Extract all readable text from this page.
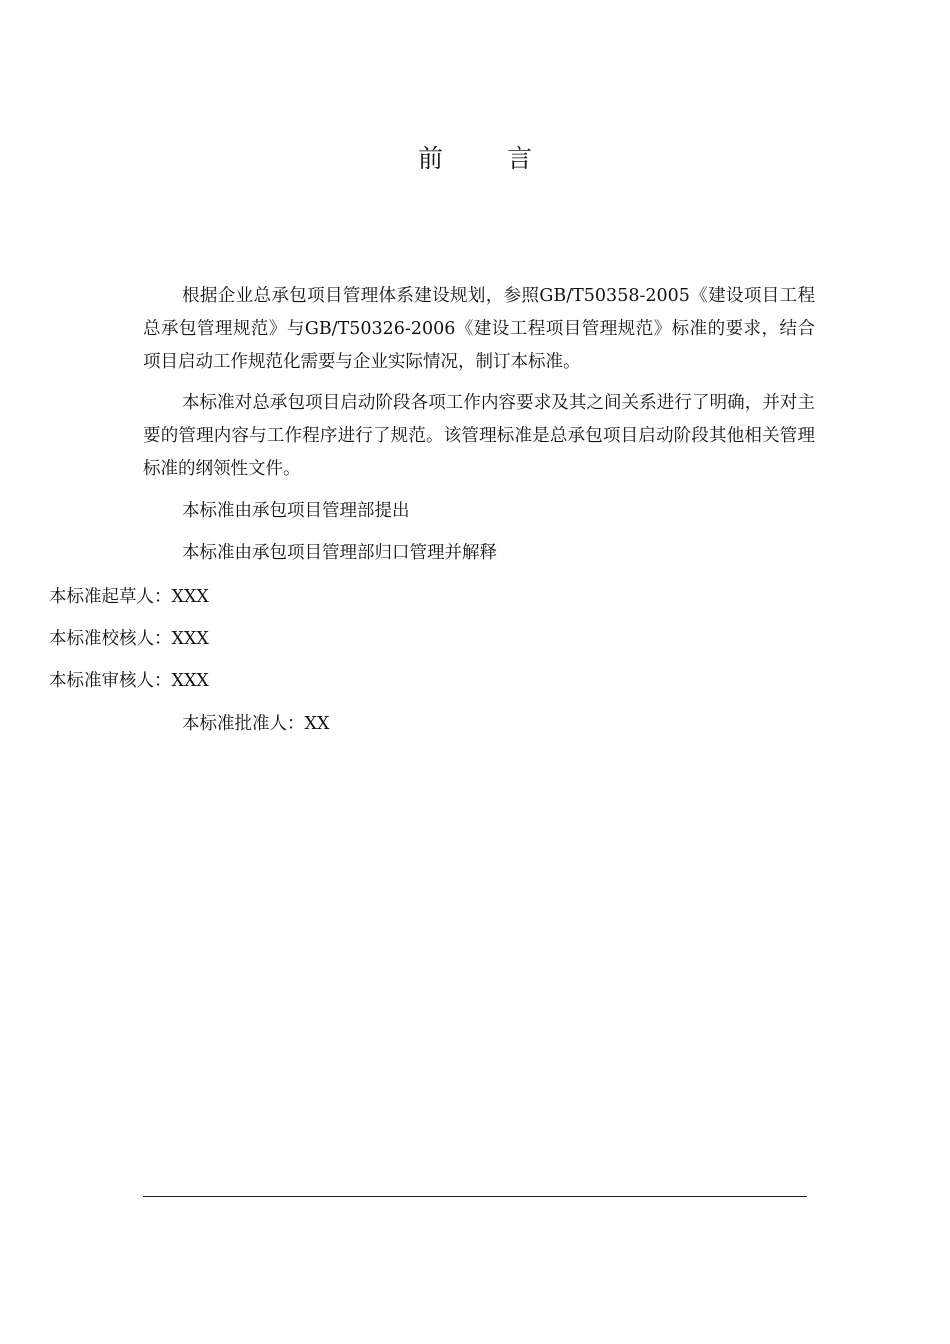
前言

根据企业总承包项目管理体系建设规划，参照GB/T50358-2005《建设项目工程总承包管理规范》与GB/T50326-2006《建设工程项目管理规范》标准的要求，结合项目启动工作规范化需要与企业实际情况，制订本标准。

本标准对总承包项目启动阶段各项工作内容要求及其之间关系进行了明确，并对主要的管理内容与工作程序进行了规范。该管理标准是总承包项目启动阶段其他相关管理标准的纲领性文件。

本标准由承包项目管理部提出
本标准由承包项目管理部归口管理并解释
本标准起草人：XXX
本标准校核人：XXX
本标准审核人：XXX
本标准批准人：XX
